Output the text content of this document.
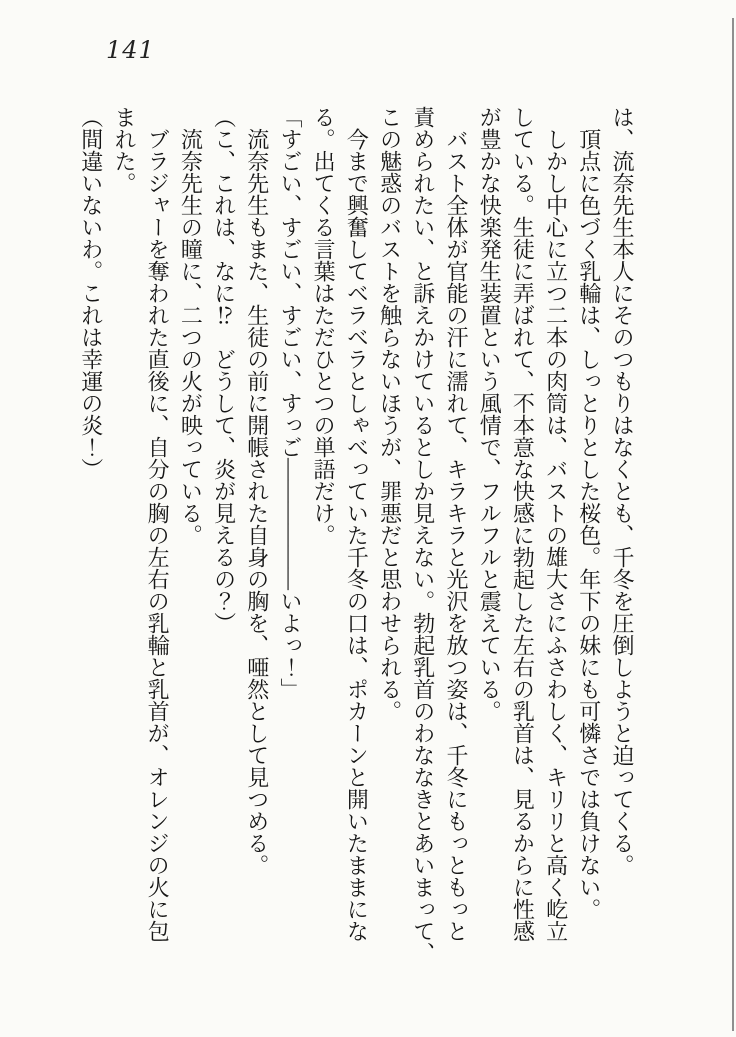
141
は、流奈先生本人にそのつもりはなくとも、千冬を圧倒しようと迫ってくる。
　頂点に色づく乳輪は、しっとりとした桜色。年下の妹にも可憐さでは負けない。
　しかし中心に立つ二本の肉筒は、バストの雄大さにふさわしく、キリリと高く屹立
している。生徒に弄ばれて、不本意な快感に勃起した左右の乳首は、見るからに性感
が豊かな快楽発生装置という風情で、フルフルと震えている。
　バスト全体が官能の汗に濡れて、キラキラと光沢を放つ姿は、千冬にもっともっと
責められたい、と訴えかけているとしか見えない。勃起乳首のわななきとあいまって、
この魅惑のバストを触らないほうが、罪悪だと思わせられる。
　今まで興奮してベラベラとしゃべっていた千冬の口は、ポカーンと開いたままにな
る。出てくる言葉はただひとつの単語だけ。
「すごい、すごい、すごい、すっご――――――いよっ！」
　流奈先生もまた、生徒の前に開帳された自身の胸を、唖然として見つめる。
（こ、これは、なに⁉　どうして、炎が見えるの？）
　流奈先生の瞳に、二つの火が映っている。
　ブラジャーを奪われた直後に、自分の胸の左右の乳輪と乳首が、オレンジの火に包
まれた。
（間違いないわ。これは幸運の炎！）
